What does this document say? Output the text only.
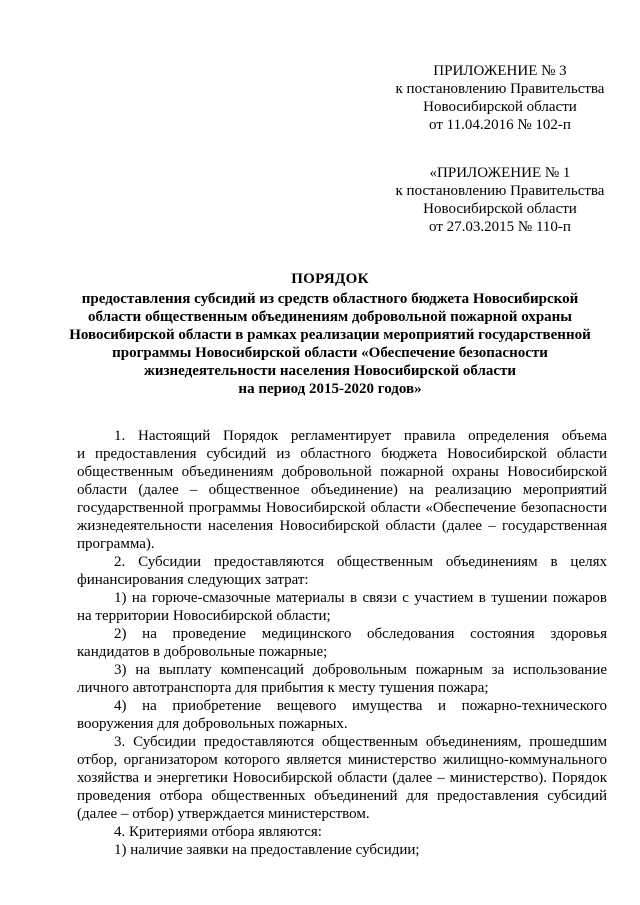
ПРИЛОЖЕНИЕ № 3
к постановлению Правительства
Новосибирской области
от 11.04.2016 № 102-п
«ПРИЛОЖЕНИЕ № 1
к постановлению Правительства
Новосибирской области
от 27.03.2015 № 110-п
ПОРЯДОК
предоставления субсидий из средств областного бюджета Новосибирской
области общественным объединениям добровольной пожарной охраны
Новосибирской области в рамках реализации мероприятий государственной
программы Новосибирской области «Обеспечение безопасности
жизнедеятельности населения Новосибирской области
на период 2015-2020 годов»
1. Настоящий Порядок регламентирует правила определения объема
и предоставления субсидий из областного бюджета Новосибирской области
общественным объединениям добровольной пожарной охраны Новосибирской
области (далее – общественное объединение) на реализацию мероприятий
государственной программы Новосибирской области «Обеспечение безопасности
жизнедеятельности населения Новосибирской области (далее – государственная
программа).
2. Субсидии предоставляются общественным объединениям в целях
финансирования следующих затрат:
1) на горюче-смазочные материалы в связи с участием в тушении пожаров
на территории Новосибирской области;
2) на проведение медицинского обследования состояния здоровья
кандидатов в добровольные пожарные;
3) на выплату компенсаций добровольным пожарным за использование
личного автотранспорта для прибытия к месту тушения пожара;
4) на приобретение вещевого имущества и пожарно-технического
вооружения для добровольных пожарных.
3. Субсидии предоставляются общественным объединениям, прошедшим
отбор, организатором которого является министерство жилищно-коммунального
хозяйства и энергетики Новосибирской области (далее – министерство). Порядок
проведения отбора общественных объединений для предоставления субсидий
(далее – отбор) утверждается министерством.
4. Критериями отбора являются:
1) наличие заявки на предоставление субсидии;
